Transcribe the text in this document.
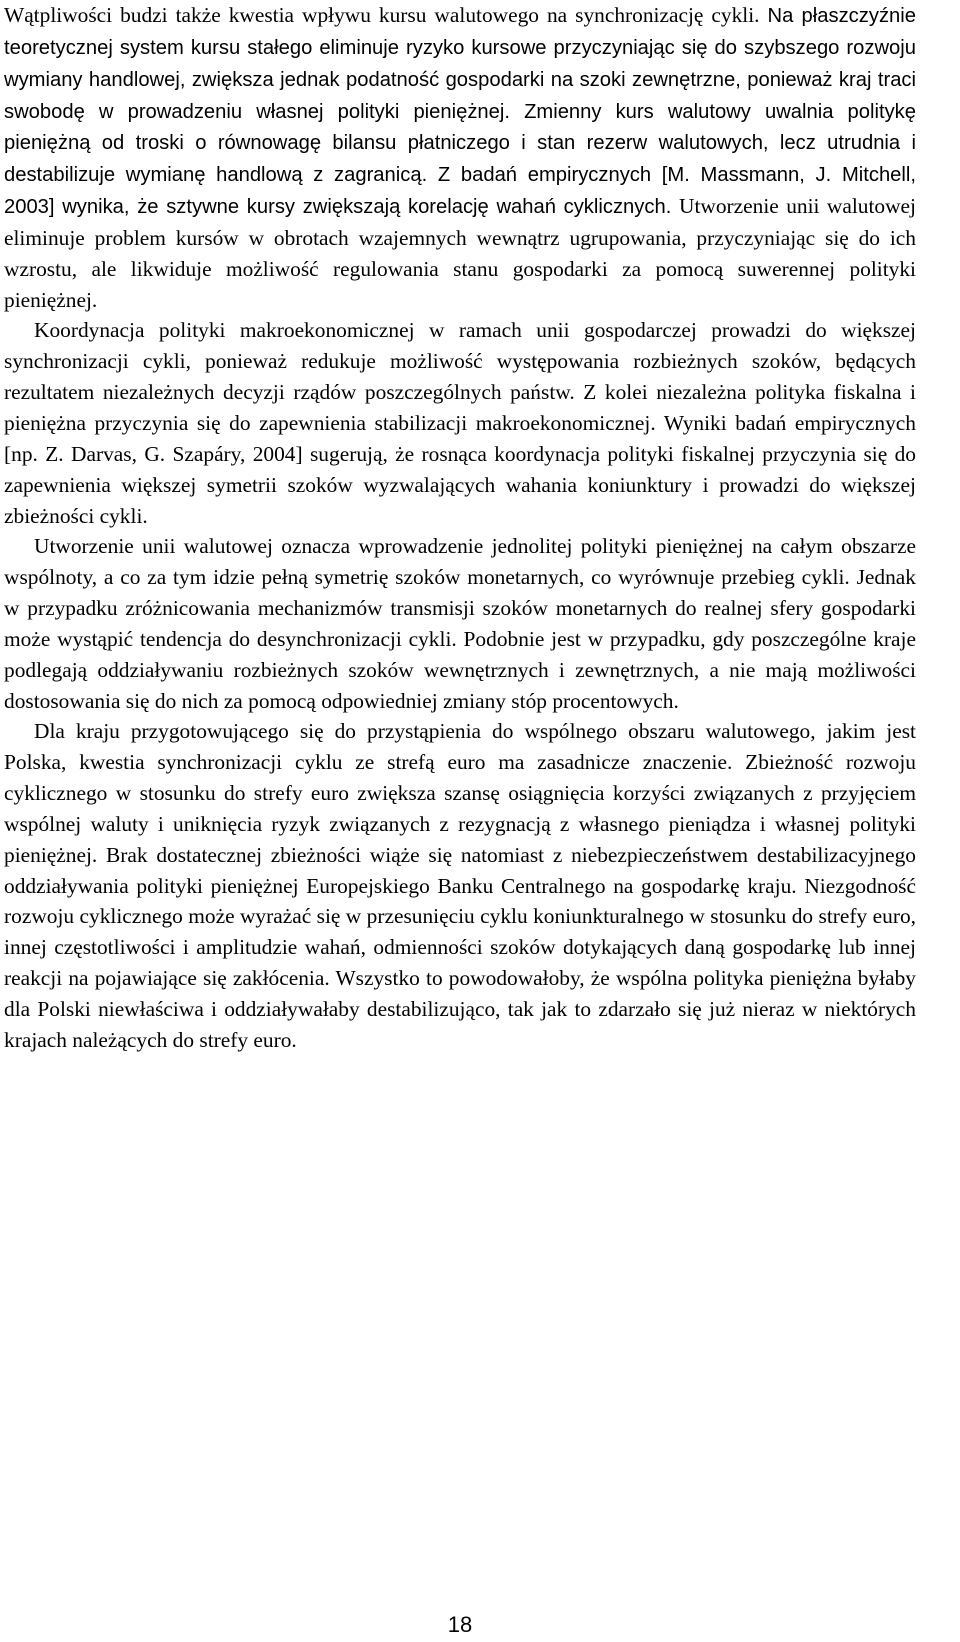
Wątpliwości budzi także kwestia wpływu kursu walutowego na synchronizację cykli. Na płaszczyźnie teoretycznej system kursu stałego eliminuje ryzyko kursowe przyczyniając się do szybszego rozwoju wymiany handlowej, zwiększa jednak podatność gospodarki na szoki zewnętrzne, ponieważ kraj traci swobodę w prowadzeniu własnej polityki pieniężnej. Zmienny kurs walutowy uwalnia politykę pieniężną od troski o równowagę bilansu płatniczego i stan rezerw walutowych, lecz utrudnia i destabilizuje wymianę handlową z zagranicą. Z badań empirycznych [M. Massmann, J. Mitchell, 2003] wynika, że sztywne kursy zwiększają korelację wahań cyklicznych. Utworzenie unii walutowej eliminuje problem kursów w obrotach wzajemnych wewnątrz ugrupowania, przyczyniając się do ich wzrostu, ale likwiduje możliwość regulowania stanu gospodarki za pomocą suwerennej polityki pieniężnej.

Koordynacja polityki makroekonomicznej w ramach unii gospodarczej prowadzi do większej synchronizacji cykli, ponieważ redukuje możliwość występowania rozbieżnych szoków, będących rezultatem niezależnych decyzji rządów poszczególnych państw. Z kolei niezależna polityka fiskalna i pieniężna przyczynia się do zapewnienia stabilizacji makroekonomicznej. Wyniki badań empirycznych [np. Z. Darvas, G. Szapáry, 2004] sugerują, że rosnąca koordynacja polityki fiskalnej przyczynia się do zapewnienia większej symetrii szoków wyzwalających wahania koniunktury i prowadzi do większej zbieżności cykli.

Utworzenie unii walutowej oznacza wprowadzenie jednolitej polityki pieniężnej na całym obszarze wspólnoty, a co za tym idzie pełną symetrię szoków monetarnych, co wyrównuje przebieg cykli. Jednak w przypadku zróżnicowania mechanizmów transmisji szoków monetarnych do realnej sfery gospodarki może wystąpić tendencja do desynchronizacji cykli. Podobnie jest w przypadku, gdy poszczególne kraje podlegają oddziaływaniu rozbieżnych szoków wewnętrznych i zewnętrznych, a nie mają możliwości dostosowania się do nich za pomocą odpowiedniej zmiany stóp procentowych.

Dla kraju przygotowującego się do przystąpienia do wspólnego obszaru walutowego, jakim jest Polska, kwestia synchronizacji cyklu ze strefą euro ma zasadnicze znaczenie. Zbieżność rozwoju cyklicznego w stosunku do strefy euro zwiększa szansę osiągnięcia korzyści związanych z przyjęciem wspólnej waluty i uniknięcia ryzyk związanych z rezygnacją z własnego pieniądza i własnej polityki pieniężnej. Brak dostatecznej zbieżności wiąże się natomiast z niebezpieczeństwem destabilizacyjnego oddziaływania polityki pieniężnej Europejskiego Banku Centralnego na gospodarkę kraju. Niezgodność rozwoju cyklicznego może wyrażać się w przesunięciu cyklu koniunkturalnego w stosunku do strefy euro, innej częstotliwości i amplitudzie wahań, odmienności szoków dotykających daną gospodarkę lub innej reakcji na pojawiające się zakłócenia. Wszystko to powodowałoby, że wspólna polityka pieniężna byłaby dla Polski niewłaściwa i oddziaływałaby destabilizująco, tak jak to zdarzało się już nieraz w niektórych krajach należących do strefy euro.

18
